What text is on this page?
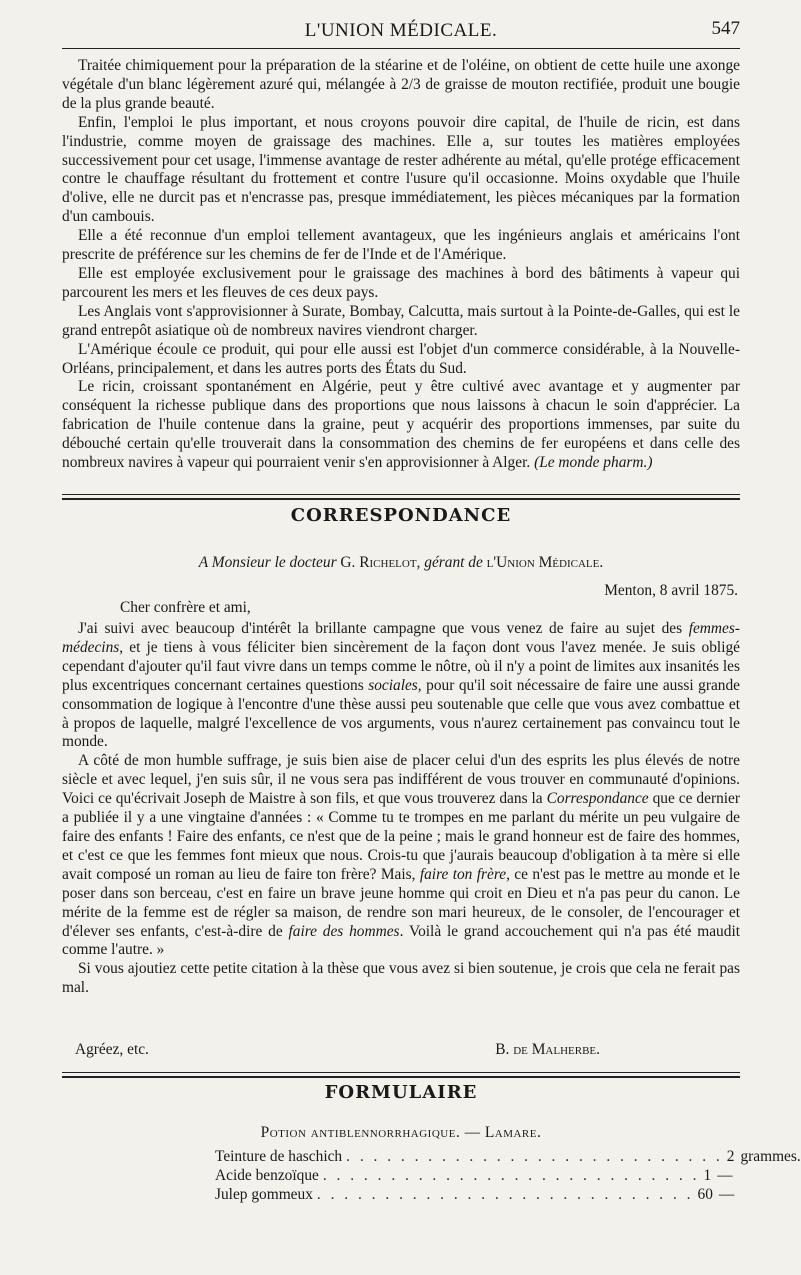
L'UNION MÉDICALE.	547

Traitée chimiquement pour la préparation de la stéarine et de l'oléine, on obtient de cette huile une axonge végétale d'un blanc légèrement azuré qui, mélangée à 2/3 de graisse de mouton rectifiée, produit une bougie de la plus grande beauté.

Enfin, l'emploi le plus important, et nous croyons pouvoir dire capital, de l'huile de ricin, est dans l'industrie, comme moyen de graissage des machines. Elle a, sur toutes les matières employées successivement pour cet usage, l'immense avantage de rester adhérente au métal, qu'elle protége efficacement contre le chauffage résultant du frottement et contre l'usure qu'il occasionne. Moins oxydable que l'huile d'olive, elle ne durcit pas et n'encrasse pas, presque immédiatement, les pièces mécaniques par la formation d'un cambouis.

Elle a été reconnue d'un emploi tellement avantageux, que les ingénieurs anglais et américains l'ont prescrite de préférence sur les chemins de fer de l'Inde et de l'Amérique.

Elle est employée exclusivement pour le graissage des machines à bord des bâtiments à vapeur qui parcourent les mers et les fleuves de ces deux pays.

Les Anglais vont s'approvisionner à Surate, Bombay, Calcutta, mais surtout à la Pointe-de-Galles, qui est le grand entrepôt asiatique où de nombreux navires viendront charger.

L'Amérique écoule ce produit, qui pour elle aussi est l'objet d'un commerce considérable, à la Nouvelle-Orléans, principalement, et dans les autres ports des États du Sud.

Le ricin, croissant spontanément en Algérie, peut y être cultivé avec avantage et y augmenter par conséquent la richesse publique dans des proportions que nous laissons à chacun le soin d'apprécier. La fabrication de l'huile contenue dans la graine, peut y acquérir des proportions immenses, par suite du débouché certain qu'elle trouverait dans la consommation des chemins de fer européens et dans celle des nombreux navires à vapeur qui pourraient venir s'en approvisionner à Alger. (Le monde pharm.)

CORRESPONDANCE
A Monsieur le docteur G. Richelot, gérant de l'Union Médicale.
Menton, 8 avril 1875.
Cher confrère et ami,

J'ai suivi avec beaucoup d'intérêt la brillante campagne que vous venez de faire au sujet des femmes-médecins, et je tiens à vous féliciter bien sincèrement de la façon dont vous l'avez menée. Je suis obligé cependant d'ajouter qu'il faut vivre dans un temps comme le nôtre, où il n'y a point de limites aux insanités les plus excentriques concernant certaines questions sociales, pour qu'il soit nécessaire de faire une aussi grande consommation de logique à l'encontre d'une thèse aussi peu soutenable que celle que vous avez combattue et à propos de laquelle, malgré l'excellence de vos arguments, vous n'aurez certainement pas convaincu tout le monde.

A côté de mon humble suffrage, je suis bien aise de placer celui d'un des esprits les plus élevés de notre siècle et avec lequel, j'en suis sûr, il ne vous sera pas indifférent de vous trouver en communauté d'opinions. Voici ce qu'écrivait Joseph de Maistre à son fils, et que vous trouverez dans la Correspondance que ce dernier a publiée il y a une vingtaine d'années : « Comme tu te trompes en me parlant du mérite un peu vulgaire de faire des enfants ! Faire des enfants, ce n'est que de la peine ; mais le grand honneur est de faire des hommes, et c'est ce que les femmes font mieux que nous. Crois-tu que j'aurais beaucoup d'obligation à ta mère si elle avait composé un roman au lieu de faire ton frère? Mais, faire ton frère, ce n'est pas le mettre au monde et le poser dans son berceau, c'est en faire un brave jeune homme qui croit en Dieu et n'a pas peur du canon. Le mérite de la femme est de régler sa maison, de rendre son mari heureux, de le consoler, de l'encourager et d'élever ses enfants, c'est-à-dire de faire des hommes. Voilà le grand accouchement qui n'a pas été maudit comme l'autre. »

Si vous ajoutiez cette petite citation à la thèse que vous avez si bien soutenue, je crois que cela ne ferait pas mal.

Agréez, etc.	B. de Malherbe.
FORMULAIRE
Potion antiblennorrhagique. — Lamare.
Teinture de haschich . . . . . . . . . . . . . . . . . . . . . . . . . . . . 2 grammes.
Acide benzoïque . . . . . . . . . . . . . . . . . . . . . . . . . . . . 1 —
Julep gommeux . . . . . . . . . . . . . . . . . . . . . . . . . . . . 60 —
